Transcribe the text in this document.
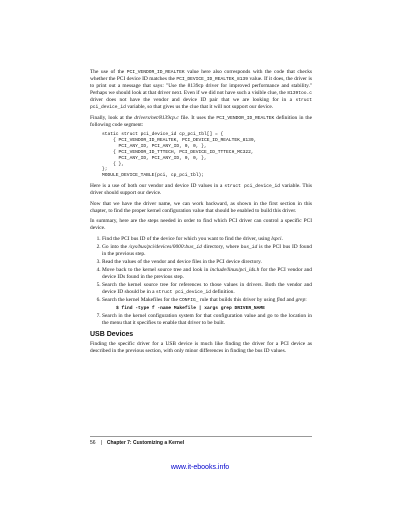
The use of the PCI_VENDOR_ID_REALTEK value here also corresponds with the code that checks whether the PCI device ID matches the PCI_DEVICE_ID_REALTEK_8139 value. If it does, the driver is to print out a message that says: "Use the 8139cp driver for improved performance and stability." Perhaps we should look at that driver next. Even if we did not have such a visible clue, the 8139too.c driver does not have the vendor and device ID pair that we are looking for in a struct pci_device_id variable, so that gives us the clue that it will not support our device.

Finally, look at the drivers/net/8139cp.c file. It uses the PCI_VENDOR_ID_REALTEK definition in the following code segment:

static struct pci_device_id cp_pci_tbl[] = {
{ PCI_VENDOR_ID_REALTEK, PCI_DEVICE_ID_REALTEK_8139,
PCI_ANY_ID, PCI_ANY_ID, 0, 0, },
{ PCI_VENDOR_ID_TTTECH, PCI_DEVICE_ID_TTTECH_MC322,
PCI_ANY_ID, PCI_ANY_ID, 0, 0, },
{ },
};
MODULE_DEVICE_TABLE(pci, cp_pci_tbl);

Here is a use of both our vendor and device ID values in a struct pci_device_id variable. This driver should support our device.

Now that we have the driver name, we can work backward, as shown in the first section in this chapter, to find the proper kernel configuration value that should be enabled to build this driver.

In summary, here are the steps needed in order to find which PCI driver can control a specific PCI device.

1. Find the PCI bus ID of the device for which you want to find the driver, using lspci.
2. Go into the /sys/bus/pci/devices/0000:bus_id directory, where bus_id is the PCI bus ID found in the previous step.
3. Read the values of the vendor and device files in the PCI device directory.
4. Move back to the kernel source tree and look in include/linux/pci_ids.h for the PCI vendor and device IDs found in the previous step.
5. Search the kernel source tree for references to those values in drivers. Both the vendor and device ID should be in a struct pci_device_id definition.
6. Search the kernel Makefiles for the CONFIG_ rule that builds this driver by using find and grep:
$ find -type f -name Makefile | xargs grep DRIVER_NAME
7. Search in the kernel configuration system for that configuration value and go to the location in the menu that it specifies to enable that driver to be built.
USB Devices

Finding the specific driver for a USB device is much like finding the driver for a PCI device as described in the previous section, with only minor differences in finding the bus ID values.

56 | Chapter 7: Customizing a Kernel
www.it-ebooks.info
